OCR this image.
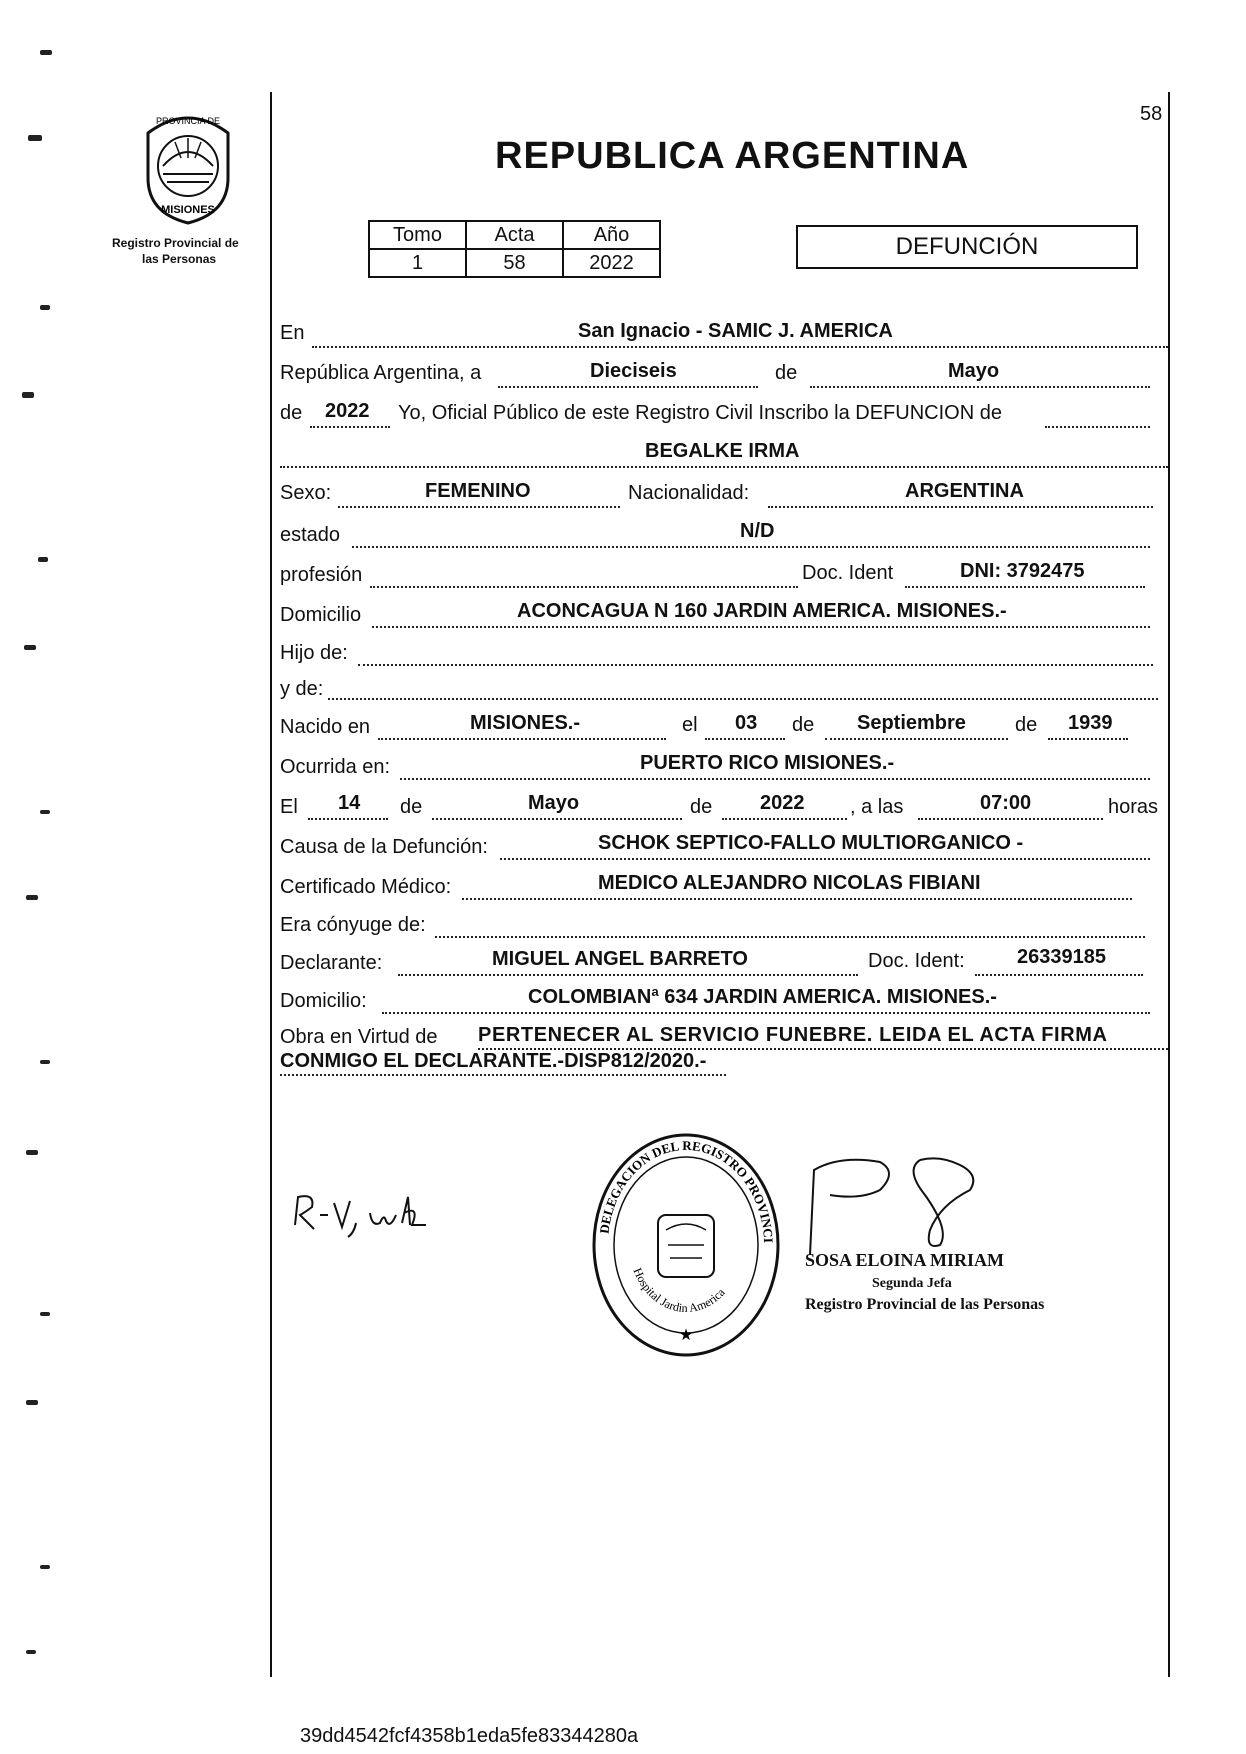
58
MISIONES
PROVINCIA DE
Registro Provincial de
las Personas
REPUBLICA ARGENTINA
Tomo	Acta	Año
1	58	2022
DEFUNCIÓN
En	San Ignacio - SAMIC J. AMERICA
República Argentina, a	Dieciseis	de	Mayo
de 2022 Yo, Oficial Público de este Registro Civil Inscribo la DEFUNCION de
BEGALKE IRMA
Sexo:	FEMENINO	Nacionalidad:	ARGENTINA
estado	N/D
profesión	Doc. Ident	DNI: 3792475
Domicilio	ACONCAGUA N 160 JARDIN AMERICA. MISIONES.-
Hijo de:
y de:
Nacido en	MISIONES.-	el 03 de Septiembre de 1939
Ocurrida en:	PUERTO RICO MISIONES.-
El 14 de	Mayo	de 2022 , a las	07:00	horas
Causa de la Defunción:	SCHOK SEPTICO-FALLO MULTIORGANICO -
Certificado Médico:	MEDICO ALEJANDRO NICOLAS FIBIANI
Era cónyuge de:
Declarante:	MIGUEL ANGEL BARRETO	Doc. Ident:	26339185
Domicilio:	COLOMBIANª 634 JARDIN AMERICA. MISIONES.-
Obra en Virtud de PERTENECER AL SERVICIO FUNEBRE. LEIDA EL ACTA FIRMA
CONMIGO EL DECLARANTE.-DISP812/2020.-
DELEGACION DEL REGISTRO PROVINCI
Hospital Jardin America
★
SOSA ELOINA MIRIAM
Segunda Jefa
Registro Provincial de las Personas
39dd4542fcf4358b1eda5fe83344280a
